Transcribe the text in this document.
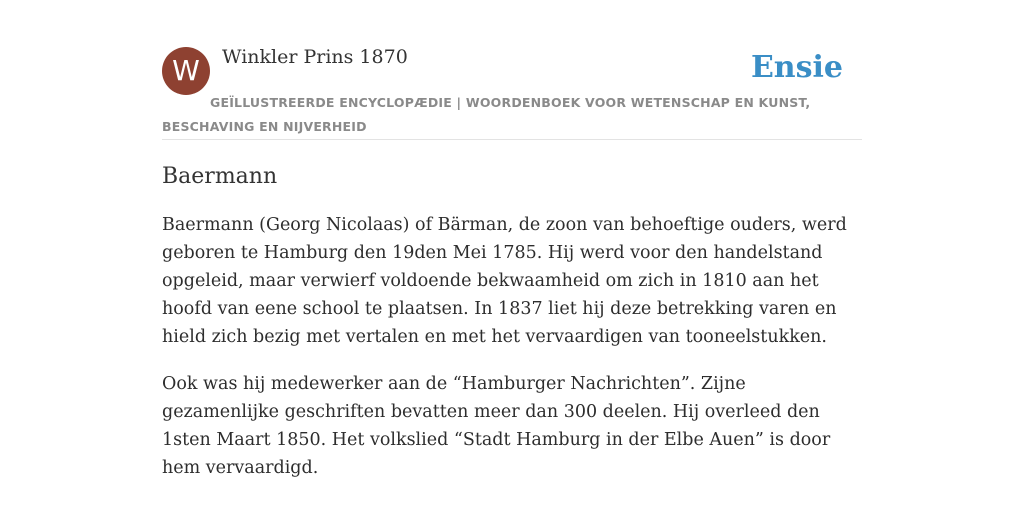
W	Winkler Prins 1870	Ensie
GEÏLLUSTREERDE ENCYCLOPÆDIE | WOORDENBOEK VOOR WETENSCHAP EN KUNST, BESCHAVING EN NIJVERHEID
Baermann

Baermann (Georg Nicolaas) of Bärman, de zoon van behoeftige ouders, werd geboren te Hamburg den 19den Mei 1785. Hij werd voor den handelstand opgeleid, maar verwierf voldoende bekwaamheid om zich in 1810 aan het hoofd van eene school te plaatsen. In 1837 liet hij deze betrekking varen en hield zich bezig met vertalen en met het vervaardigen van tooneelstukken.

Ook was hij medewerker aan de “Hamburger Nachrichten”. Zijne gezamenlijke geschriften bevatten meer dan 300 deelen. Hij overleed den 1sten Maart 1850. Het volkslied “Stadt Hamburg in der Elbe Auen” is door hem vervaardigd.
